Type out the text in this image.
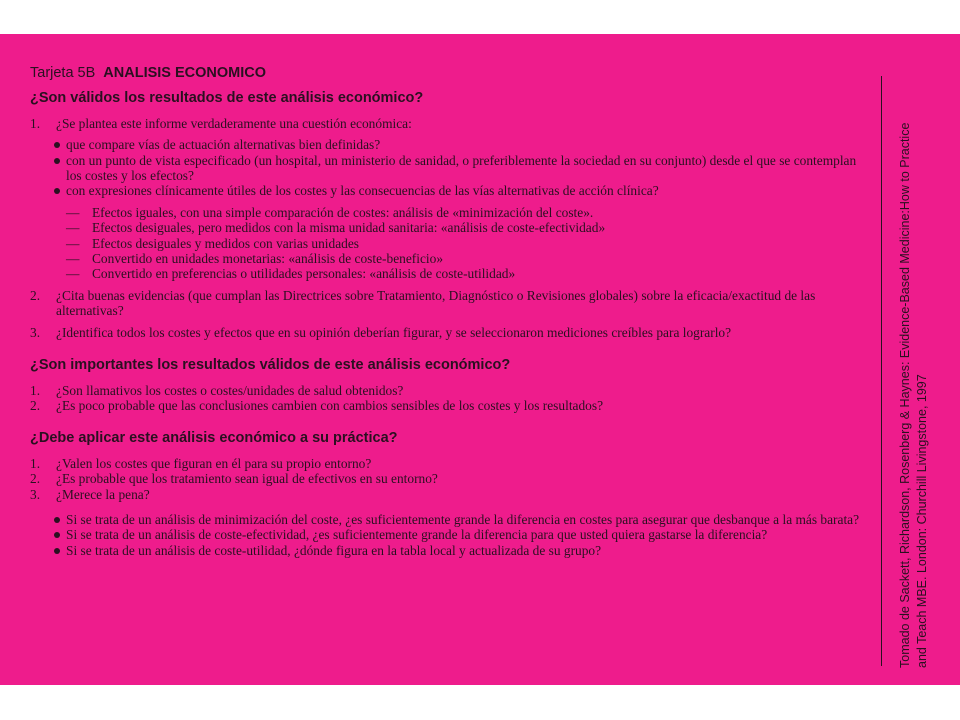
Tarjeta 5B ANALISIS ECONOMICO
¿Son válidos los resultados de este análisis económico?
1. ¿Se plantea este informe verdaderamente una cuestión económica:
que compare vías de actuación alternativas bien definidas?
con un punto de vista especificado (un hospital, un ministerio de sanidad, o preferiblemente la sociedad en su conjunto) desde el que se contemplan los costes y los efectos?
con expresiones clínicamente útiles de los costes y las consecuencias de las vías alternativas de acción clínica?
— Efectos iguales, con una simple comparación de costes: análisis de «minimización del coste».
— Efectos desiguales, pero medidos con la misma unidad sanitaria: «análisis de coste-efectividad»
— Efectos desiguales y medidos con varias unidades
— Convertido en unidades monetarias: «análisis de coste-beneficio»
— Convertido en preferencias o utilidades personales: «análisis de coste-utilidad»
2. ¿Cita buenas evidencias (que cumplan las Directrices sobre Tratamiento, Diagnóstico o Revisiones globales) sobre la eficacia/exactitud de las alternativas?
3. ¿Identifica todos los costes y efectos que en su opinión deberían figurar, y se seleccionaron mediciones creíbles para lograrlo?
¿Son importantes los resultados válidos de este análisis económico?
1. ¿Son llamativos los costes o costes/unidades de salud obtenidos?
2. ¿Es poco probable que las conclusiones cambien con cambios sensibles de los costes y los resultados?
¿Debe aplicar este análisis económico a su práctica?
1. ¿Valen los costes que figuran en él para su propio entorno?
2. ¿Es probable que los tratamiento sean igual de efectivos en su entorno?
3. ¿Merece la pena?
Si se trata de un análisis de minimización del coste, ¿es suficientemente grande la diferencia en costes para asegurar que desbanque a la más barata?
Si se trata de un análisis de coste-efectividad, ¿es suficientemente grande la diferencia para que usted quiera gastarse la diferencia?
Si se trata de un análisis de coste-utilidad, ¿dónde figura en la tabla local y actualizada de su grupo?	Tomado de Sackett, Richardson, Rosenberg & Haynes: Evidence-Based Medicine:How to Practice and Teach MBE. London: Churchill Livingstone, 1997
